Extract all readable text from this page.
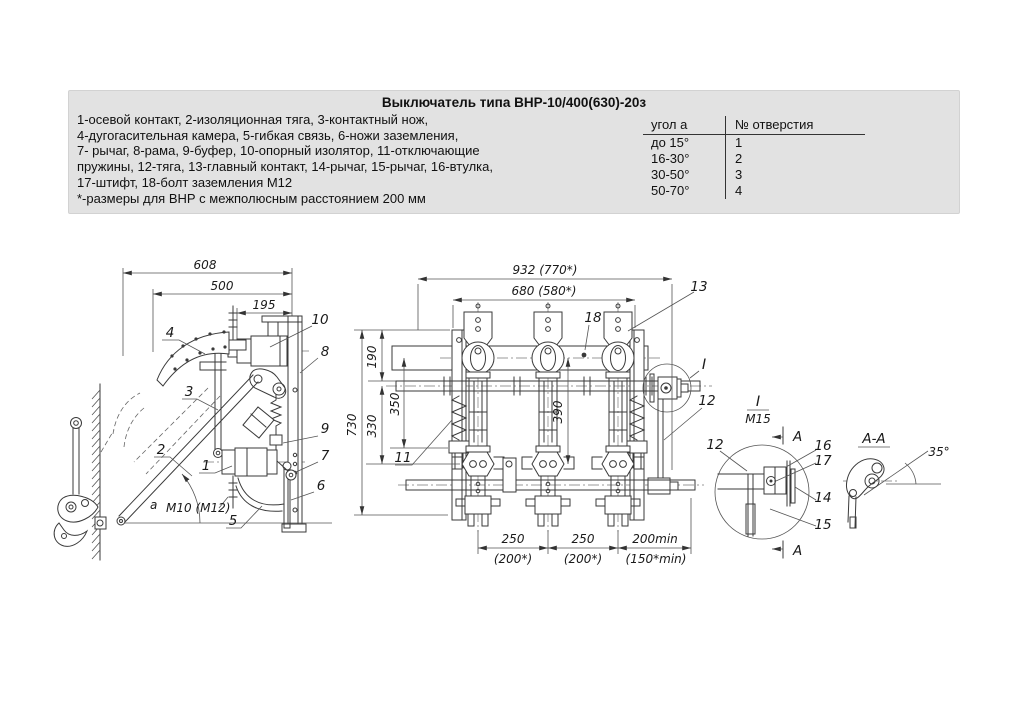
Выключатель типа ВНР-10/400(630)-20з
1-осевой контакт, 2-изоляционная тяга, 3-контактный нож,
4-дугогасительная камера, 5-гибкая связь, 6-ножи заземления,
7- рычаг, 8-рама, 9-буфер, 10-опорный изолятор, 11-отключающие
пружины, 12-тяга, 13-главный контакт, 14-рычаг, 15-рычаг, 16-втулка,
17-штифт, 18-болт заземления М12
*-размеры для ВНР с межполюсным расстоянием 200 мм
угол а	№ отверстия
до 15°	1
16-30°	2
30-50°	3
50-70°	4
608
500
195
4
10
8
3
2
1
9
7
6
5
М10 (М12)
а
932 (770*)
680 (580*)
730
190
330
350	390
250
(200*)
250
(200*)
200min
(150*min)
13
18
11
12
I
I
М15
А
А
12	16
17
14
15
А-А
35°
